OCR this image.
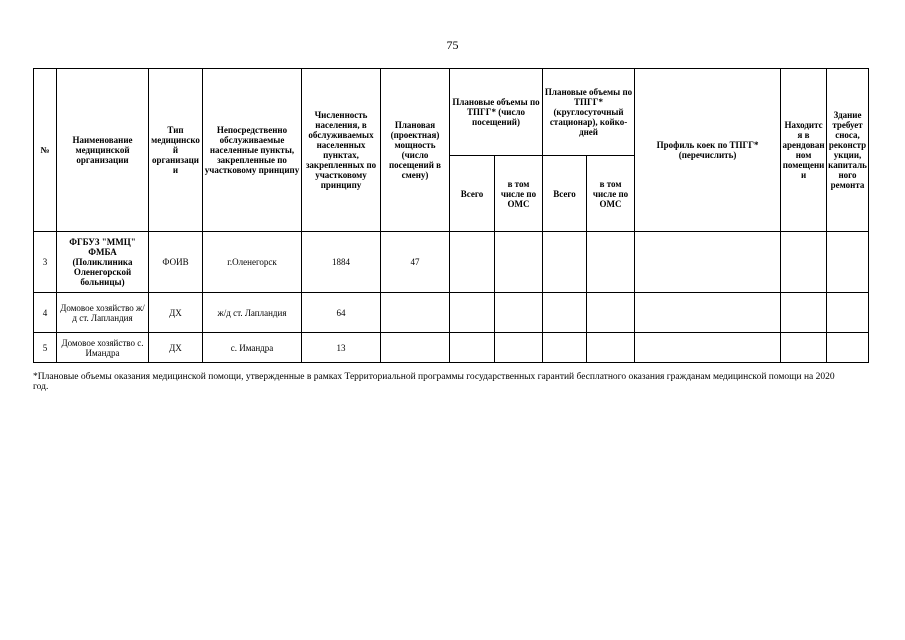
75
№	Наименование медицинской организации	Тип медицинской организации	Непосредственно обслуживаемые населенные пункты, закрепленные по участковому принципу	Численность населения, в обслуживаемых населенных пунктах, закрепленных по участковому принципу	Плановая (проектная) мощность (число посещений в смену)	Плановые объемы по ТПГГ* (число посещений)		Плановые объемы по ТПГГ* (круглосуточный стационар), койко-дней		Профиль коек по ТПГГ* (перечислить)	Находится в арендованном помещении	Здание требует сноса, реконструкции, капитального ремонта
						Всего	в том числе по ОМС	Всего	в том числе по ОМС			
3	ФГБУЗ "ММЦ" ФМБА (Поликлиника Оленегорской больницы)	ФОИВ	г.Оленегорск	1884	47							
4	Домовое хозяйство ж/д ст. Лапландия	ДХ	ж/д ст. Лапландия	64								
5	Домовое хозяйство с. Имандра	ДХ	с. Имандра	13								
*Плановые объемы оказания медицинской помощи, утвержденные в рамках Территориальной программы государственных гарантий бесплатного оказания гражданам медицинской помощи на 2020 год.
